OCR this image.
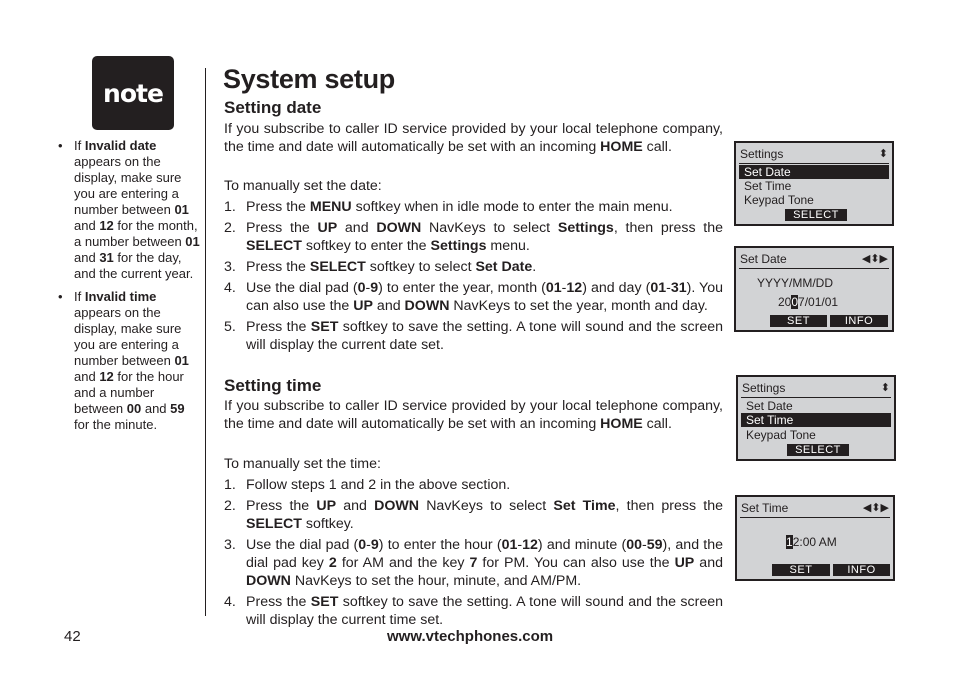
note
• If Invalid date appears on the display, make sure you are entering a number between 01 and 12 for the month, a number between 01 and 31 for the day, and the current year.
• If Invalid time appears on the display, make sure you are entering a number between 01 and 12 for the hour and a number between 00 and 59 for the minute.
System setup
Setting date
If you subscribe to caller ID service provided by your local telephone company, the time and date will automatically be set with an incoming HOME call.
To manually set the date:
1. Press the MENU softkey when in idle mode to enter the main menu.
2. Press the UP and DOWN NavKeys to select Settings, then press the SELECT softkey to enter the Settings menu.
3. Press the SELECT softkey to select Set Date.
4. Use the dial pad (0-9) to enter the year, month (01-12) and day (01-31). You can also use the UP and DOWN NavKeys to set the year, month and day.
5. Press the SET softkey to save the setting. A tone will sound and the screen will display the current date set.
Setting time
If you subscribe to caller ID service provided by your local telephone company, the time and date will automatically be set with an incoming HOME call.
To manually set the time:
1. Follow steps 1 and 2 in the above section.
2. Press the UP and DOWN NavKeys to select Set Time, then press the SELECT softkey.
3. Use the dial pad (0-9) to enter the hour (01-12) and minute (00-59), and the dial pad key 2 for AM and the key 7 for PM. You can also use the UP and DOWN NavKeys to set the hour, minute, and AM/PM.
4. Press the SET softkey to save the setting. A tone will sound and the screen will display the current time set.
Settings	⬍
Set Date
Set Time
Keypad Tone
SELECT
Set Date	◀⬍▶
YYYY/MM/DD
2007/01/01
SET	INFO
Settings	⬍
Set Date
Set Time
Keypad Tone
SELECT
Set Time	◀⬍▶
12:00 AM
SET	INFO
42	www.vtechphones.com
